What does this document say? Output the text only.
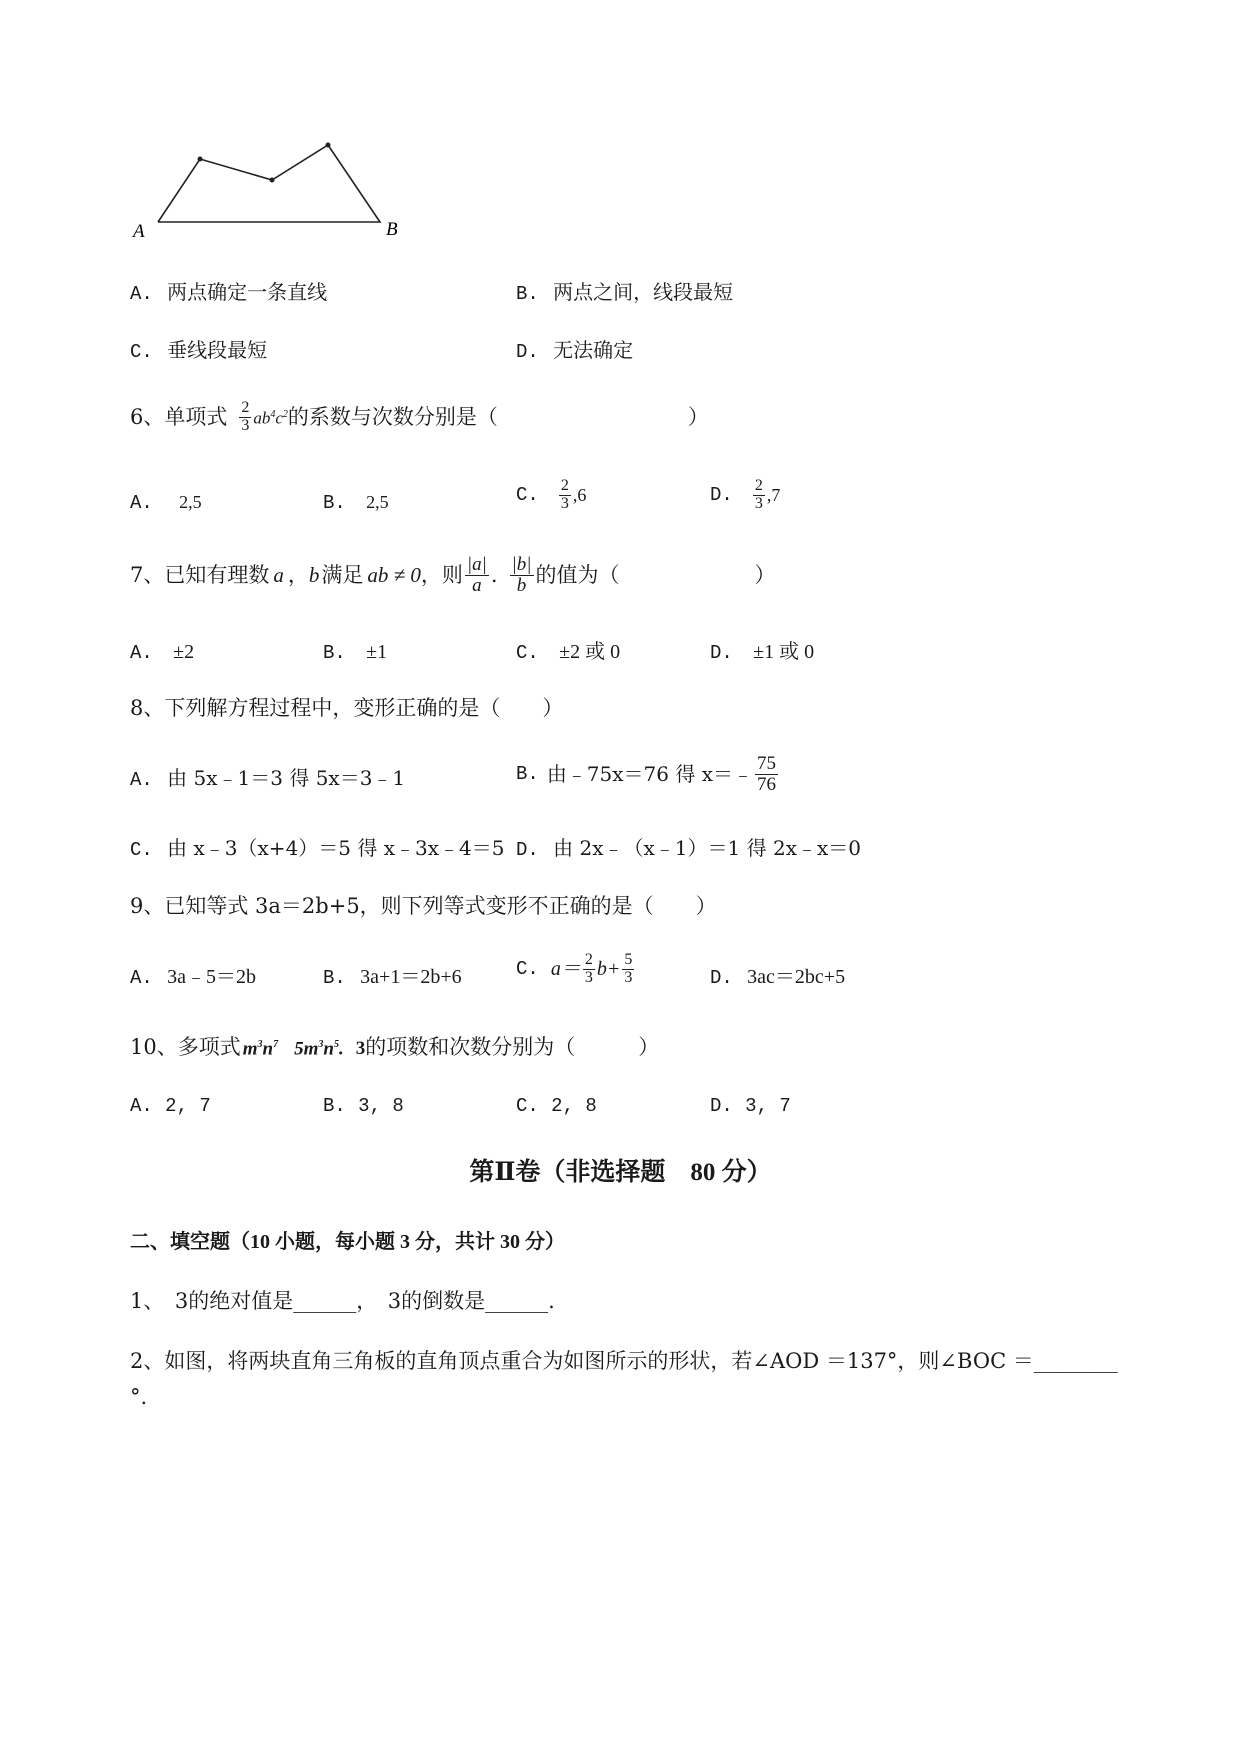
A	B
A. 两点确定一条直线	B. 两点之间，线段最短
C. 垂线段最短	D. 无法确定
6、单项式 $\frac{2}{3} ab^4c^2$ 的系数与次数分别是（	）
A. 2,5	B. 2,5	C. $\frac{2}{3} ,6$	D. $\frac{2}{3} ,7$
7、已知有理数 a ， b 满足 ab ≠ 0 ，则 $\frac{|a|}{a}$ . $\frac{|b|}{b}$ 的值为（	）
A. ±2	B. ±1	C. ±2 或 0	D. ±1 或 0
8、下列解方程过程中，变形正确的是（　　）
A. 由 5x﹣1＝3 得 5x＝3﹣1	B. 由﹣75x＝76 得 x＝﹣ $\frac{75}{76}$
C. 由 x﹣3（x+4）＝5 得 x﹣3x﹣4＝5 D. 由 2x﹣（x﹣1）＝1 得 2x﹣x＝0
9、已知等式 3a＝2b+5，则下列等式变形不正确的是（　　）
A. 3a﹣5＝2b	B. 3a+1＝2b+6	C. $a= \frac{2}{3} b+ \frac{5}{3}$	D. 3ac＝2bc+5
10、多项式 $m^3n^7$ $5m^3n^5$. 3 的项数和次数分别为（　　　）
A. 2, 7	B. 3, 8	C. 2, 8	D. 3, 7
第Ⅱ卷（非选择题　80 分）
二、填空题（10 小题，每小题 3 分，共计 30 分）
1、　3的绝对值是______，　3的倒数是______.
2、如图，将两块直角三角板的直角顶点重合为如图所示的形状，若∠AOD ＝137°，则∠BOC ＝________
°.
